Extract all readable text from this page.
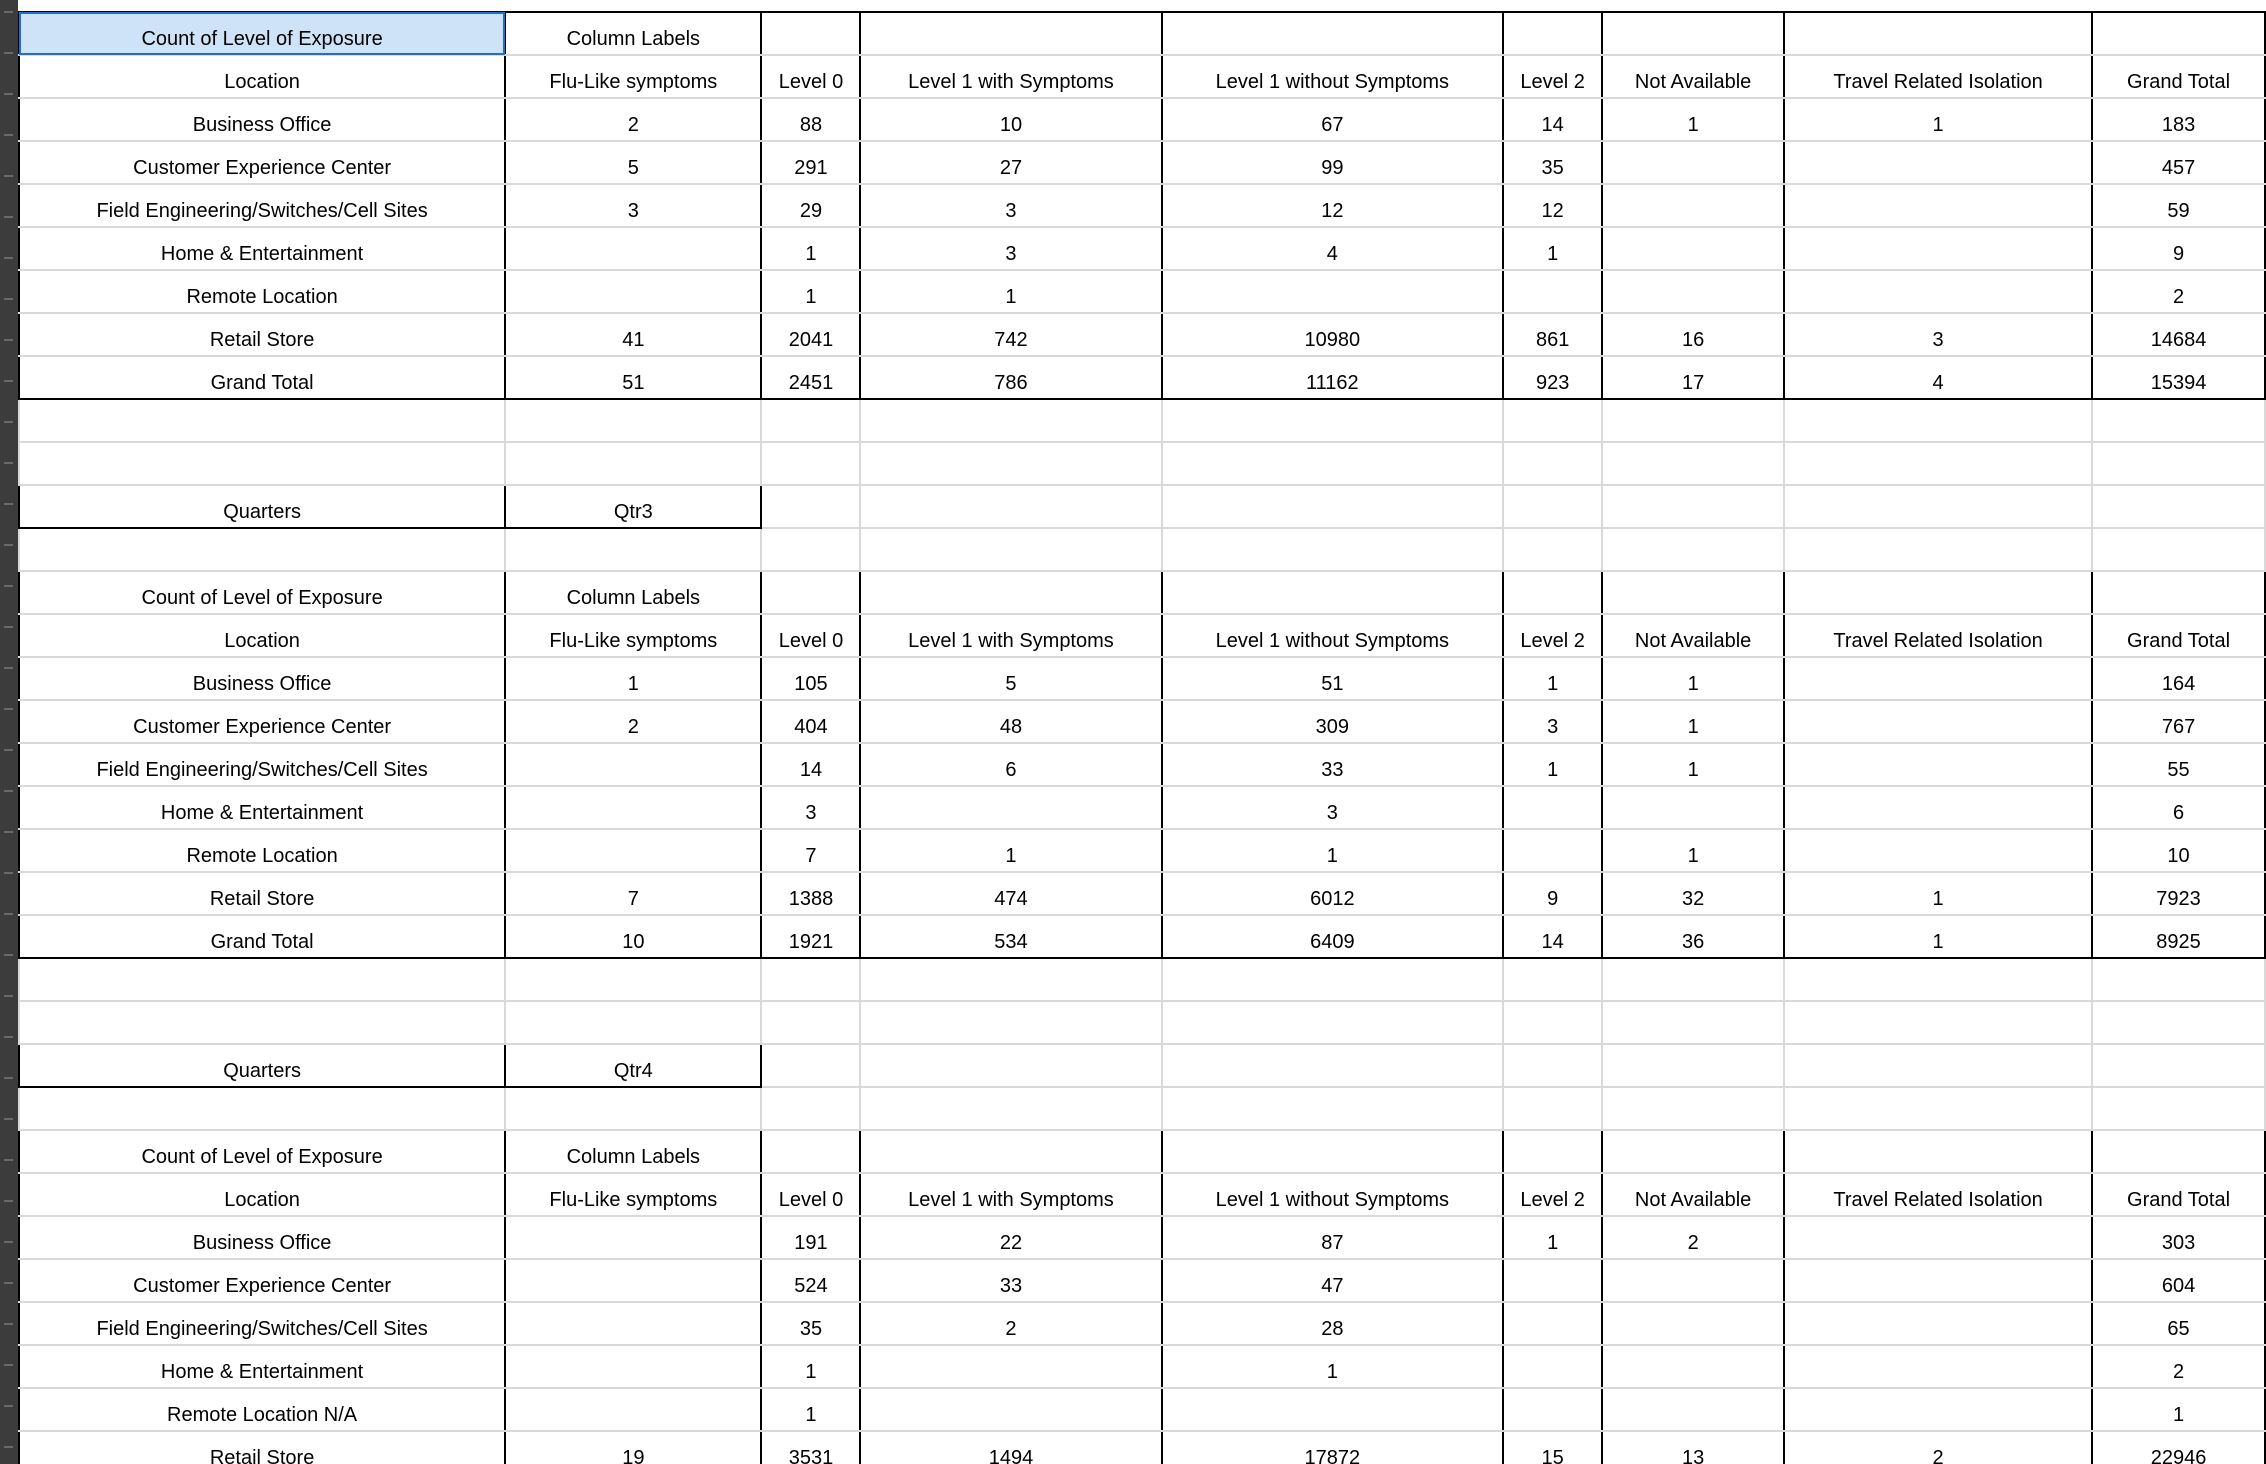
Count of Level of Exposure	Column Labels							
Location	Flu-Like symptoms	Level 0	Level 1 with Symptoms	Level 1 without Symptoms	Level 2	Not Available	Travel Related Isolation	Grand Total
Business Office	2	88	10	67	14	1	1	183
Customer Experience Center	5	291	27	99	35			457
Field Engineering/Switches/Cell Sites	3	29	3	12	12			59
Home & Entertainment		1	3	4	1			9
Remote Location		1	1					2
Retail Store	41	2041	742	10980	861	16	3	14684
Grand Total	51	2451	786	11162	923	17	4	15394

Quarters	Qtr3							

Count of Level of Exposure	Column Labels							
Location	Flu-Like symptoms	Level 0	Level 1 with Symptoms	Level 1 without Symptoms	Level 2	Not Available	Travel Related Isolation	Grand Total
Business Office	1	105	5	51	1	1		164
Customer Experience Center	2	404	48	309	3	1		767
Field Engineering/Switches/Cell Sites		14	6	33	1	1		55
Home & Entertainment		3		3				6
Remote Location		7	1	1		1		10
Retail Store	7	1388	474	6012	9	32	1	7923
Grand Total	10	1921	534	6409	14	36	1	8925

Quarters	Qtr4							

Count of Level of Exposure	Column Labels							
Location	Flu-Like symptoms	Level 0	Level 1 with Symptoms	Level 1 without Symptoms	Level 2	Not Available	Travel Related Isolation	Grand Total
Business Office		191	22	87	1	2		303
Customer Experience Center		524	33	47				604
Field Engineering/Switches/Cell Sites		35	2	28				65
Home & Entertainment		1		1				2
Remote Location N/A		1						1
Retail Store	19	3531	1494	17872	15	13	2	22946
